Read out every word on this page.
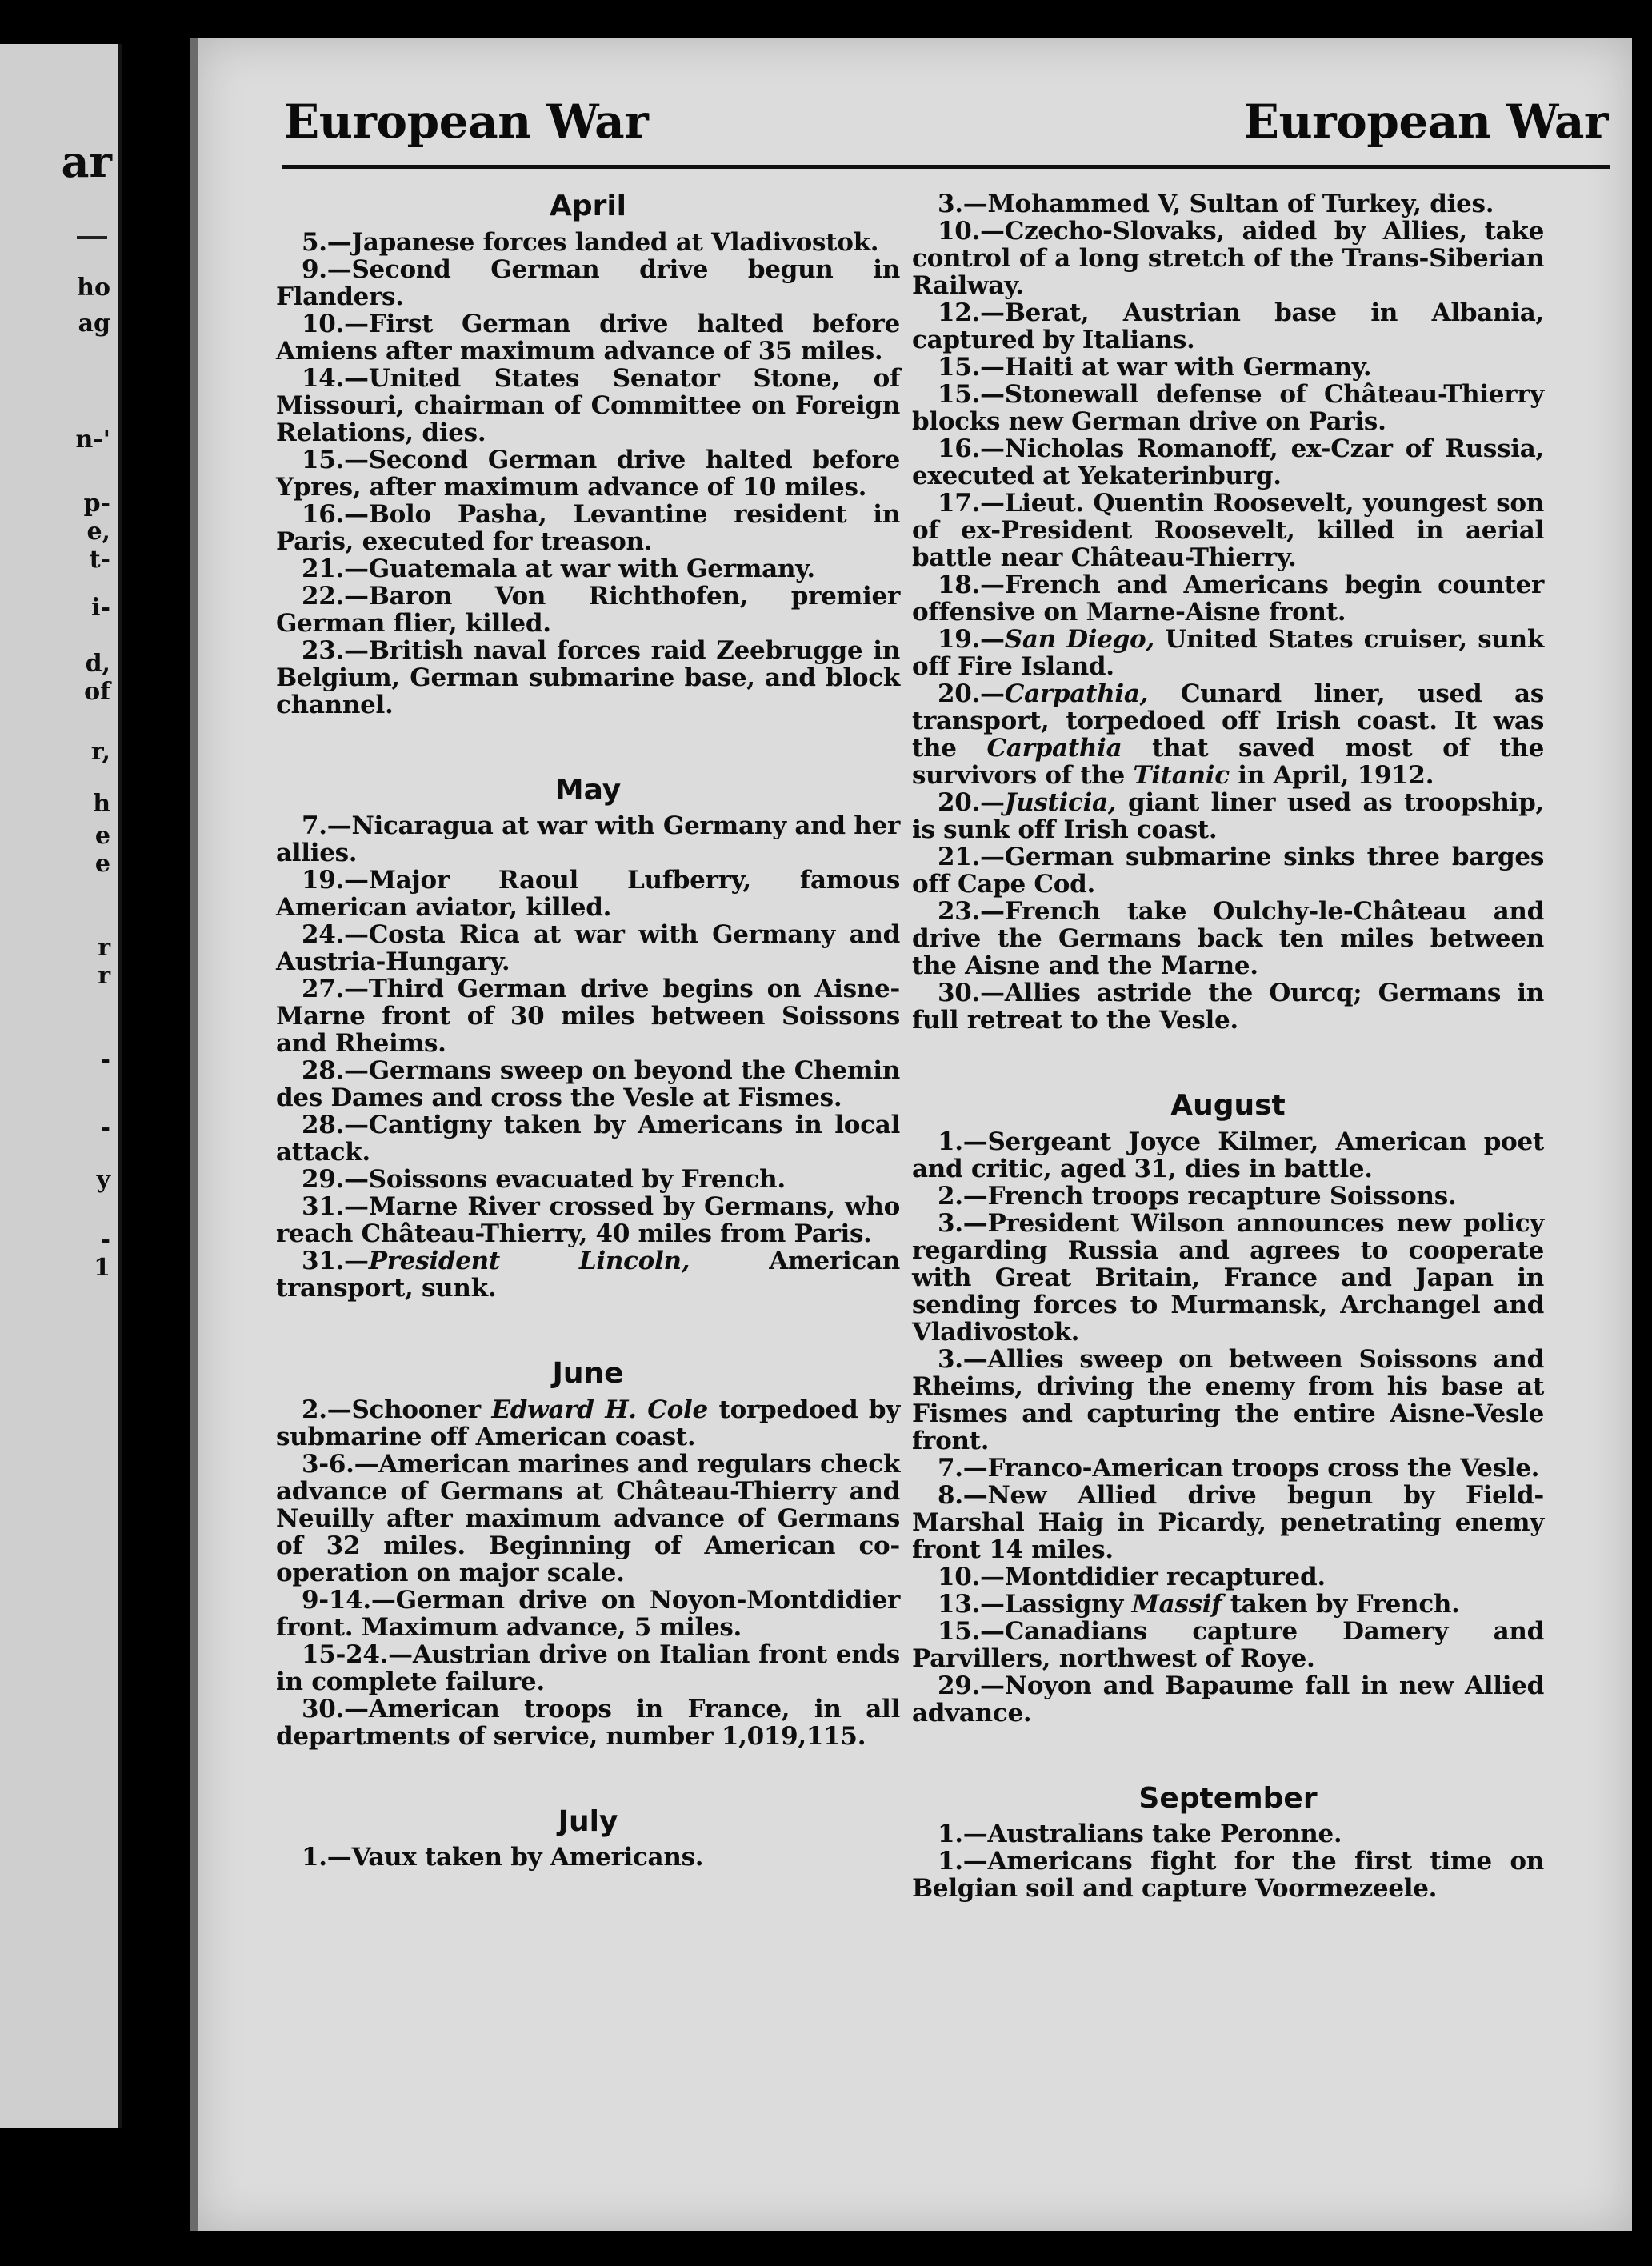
ar
ho
ag
n-'
p-
e,
t-
i-
d,
of
r,
h
e
e
r
r
-
-
y
-
1
European War	European War
April

5.—Japanese forces landed at Vladivostok.

9.—Second German drive begun in Flanders.

10.—First German drive halted before Amiens after maximum advance of 35 miles.

14.—United States Senator Stone, of Missouri, chairman of Committee on Foreign Relations, dies.

15.—Second German drive halted before Ypres, after maximum advance of 10 miles.

16.—Bolo Pasha, Levantine resident in Paris, executed for treason.

21.—Guatemala at war with Germany.

22.—Baron Von Richthofen, premier German flier, killed.

23.—British naval forces raid Zeebrugge in Belgium, German submarine base, and block channel.

May

7.—Nicaragua at war with Germany and her allies.

19.—Major Raoul Lufberry, famous American aviator, killed.

24.—Costa Rica at war with Germany and Austria-Hungary.

27.—Third German drive begins on Aisne-Marne front of 30 miles between Soissons and Rheims.

28.—Germans sweep on beyond the Chemin des Dames and cross the Vesle at Fismes.

28.—Cantigny taken by Americans in local attack.

29.—Soissons evacuated by French.

31.—Marne River crossed by Germans, who reach Château-Thierry, 40 miles from Paris.

31.—President Lincoln, American transport, sunk.

June

2.—Schooner Edward H. Cole torpedoed by submarine off American coast.

3-6.—American marines and regulars check advance of Germans at Château-Thierry and Neuilly after maximum advance of Germans of 32 miles. Beginning of American co-operation on major scale.

9-14.—German drive on Noyon-Montdidier front. Maximum advance, 5 miles.

15-24.—Austrian drive on Italian front ends in complete failure.

30.—American troops in France, in all departments of service, number 1,019,115.

July

1.—Vaux taken by Americans.

3.—Mohammed V, Sultan of Turkey, dies.

10.—Czecho-Slovaks, aided by Allies, take control of a long stretch of the Trans-Siberian Railway.

12.—Berat, Austrian base in Albania, captured by Italians.

15.—Haiti at war with Germany.

15.—Stonewall defense of Château-Thierry blocks new German drive on Paris.

16.—Nicholas Romanoff, ex-Czar of Russia, executed at Yekaterinburg.

17.—Lieut. Quentin Roosevelt, youngest son of ex-President Roosevelt, killed in aerial battle near Château-Thierry.

18.—French and Americans begin counter offensive on Marne-Aisne front.

19.—San Diego, United States cruiser, sunk off Fire Island.

20.—Carpathia, Cunard liner, used as transport, torpedoed off Irish coast. It was the Carpathia that saved most of the survivors of the Titanic in April, 1912.

20.—Justicia, giant liner used as troopship, is sunk off Irish coast.

21.—German submarine sinks three barges off Cape Cod.

23.—French take Oulchy-le-Château and drive the Germans back ten miles between the Aisne and the Marne.

30.—Allies astride the Ourcq; Germans in full retreat to the Vesle.

August

1.—Sergeant Joyce Kilmer, American poet and critic, aged 31, dies in battle.

2.—French troops recapture Soissons.

3.—President Wilson announces new policy regarding Russia and agrees to cooperate with Great Britain, France and Japan in sending forces to Murmansk, Archangel and Vladivostok.

3.—Allies sweep on between Soissons and Rheims, driving the enemy from his base at Fismes and capturing the entire Aisne-Vesle front.

7.—Franco-American troops cross the Vesle.

8.—New Allied drive begun by Field-Marshal Haig in Picardy, penetrating enemy front 14 miles.

10.—Montdidier recaptured.

13.—Lassigny Massif taken by French.

15.—Canadians capture Damery and Parvillers, northwest of Roye.

29.—Noyon and Bapaume fall in new Allied advance.

September

1.—Australians take Peronne.

1.—Americans fight for the first time on Belgian soil and capture Voormezeele.
